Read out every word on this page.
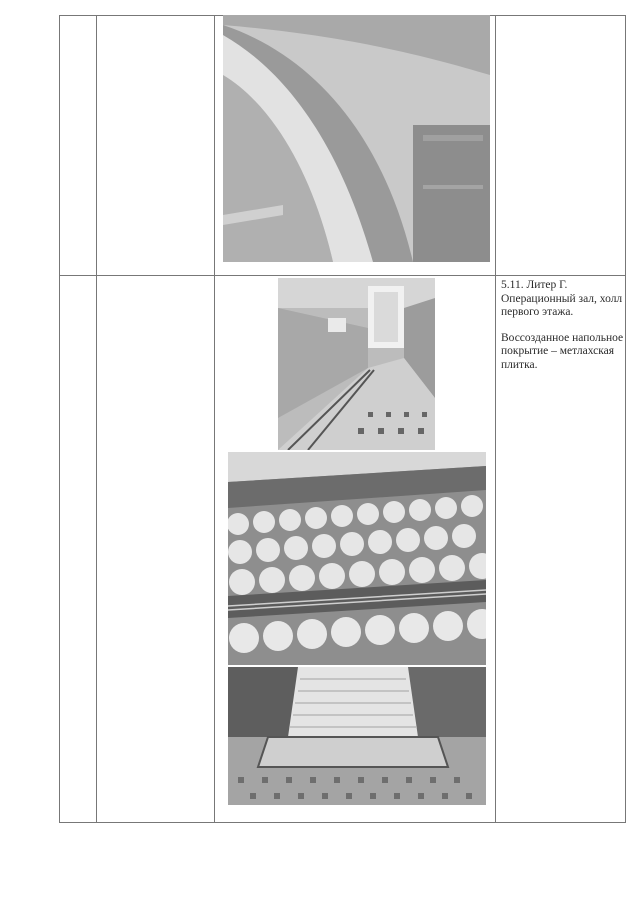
5.11. Литер Г. Операционный зал, холл первого этажа.

Воссозданное напольное покрытие – метлахская плитка.
